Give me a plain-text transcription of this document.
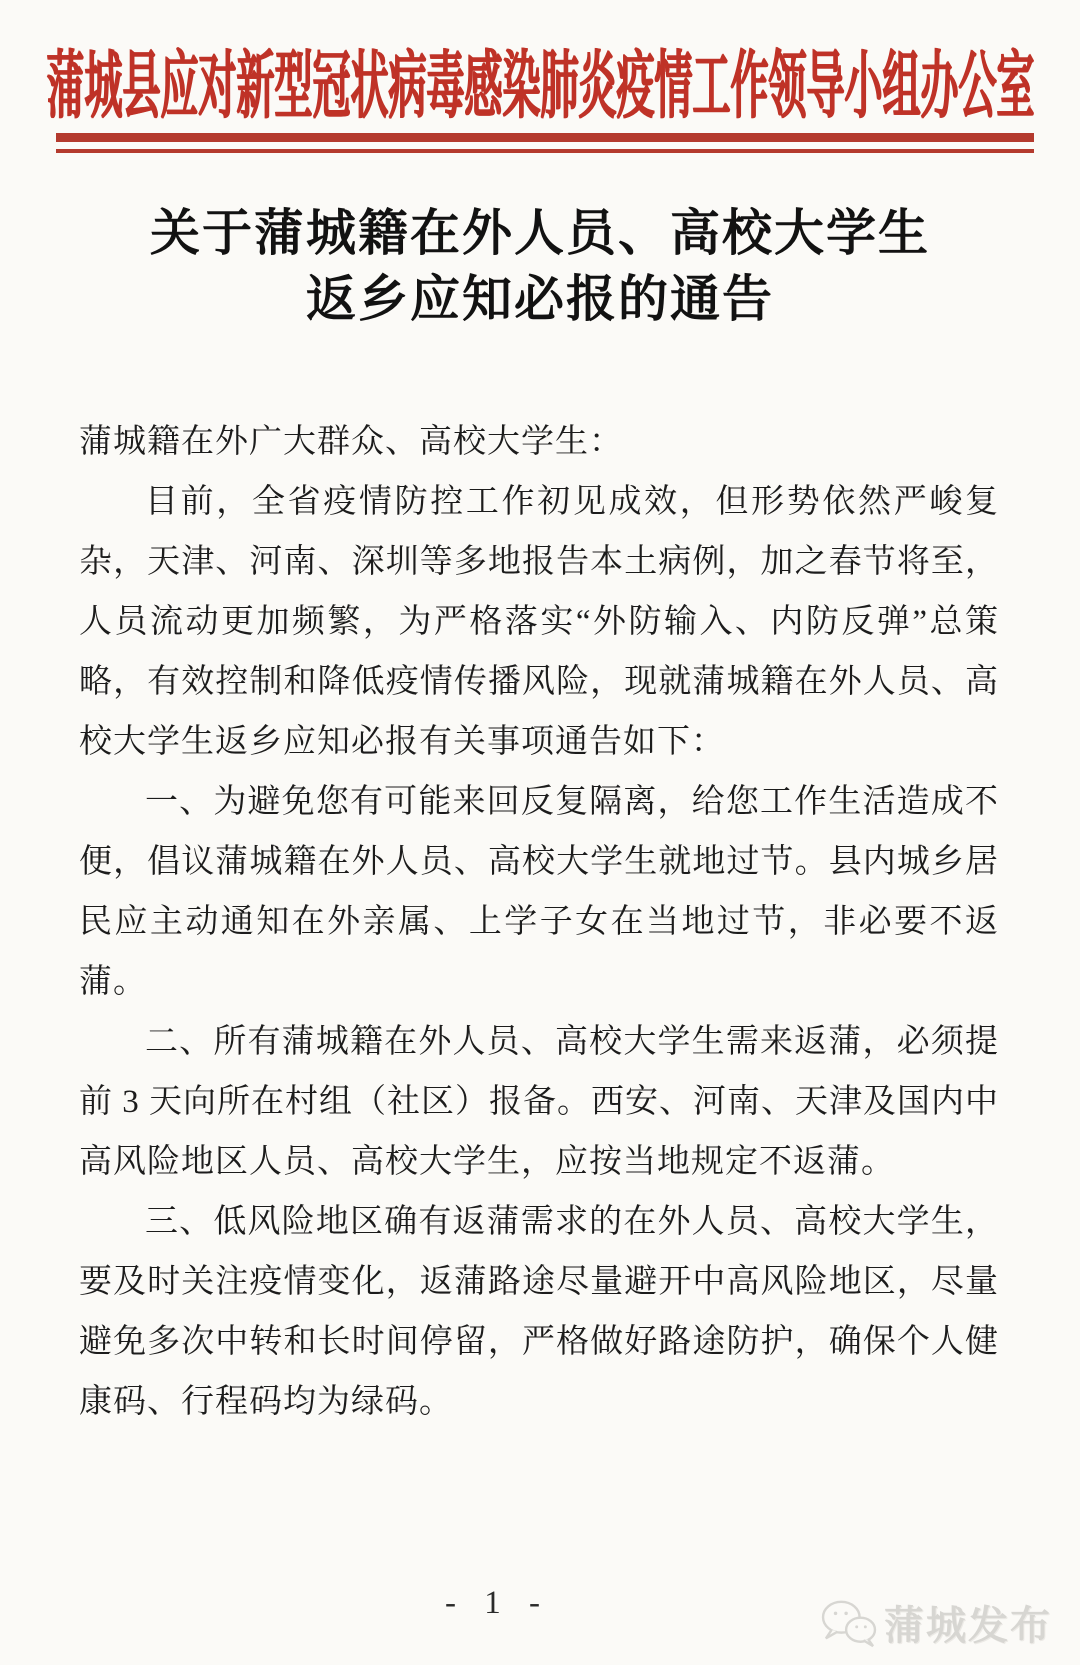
蒲城县应对新型冠状病毒感染肺炎疫情工作领导小组办公室
关于蒲城籍在外人员、高校大学生
返乡应知必报的通告

蒲城籍在外广大群众、高校大学生：

目前，全省疫情防控工作初见成效，但形势依然严峻复杂，天津、河南、深圳等多地报告本土病例，加之春节将至，人员流动更加频繁，为严格落实“外防输入、内防反弹”总策略，有效控制和降低疫情传播风险，现就蒲城籍在外人员、高校大学生返乡应知必报有关事项通告如下：

一、为避免您有可能来回反复隔离，给您工作生活造成不便，倡议蒲城籍在外人员、高校大学生就地过节。县内城乡居民应主动通知在外亲属、上学子女在当地过节，非必要不返蒲。

二、所有蒲城籍在外人员、高校大学生需来返蒲，必须提前 3 天向所在村组（社区）报备。西安、河南、天津及国内中高风险地区人员、高校大学生，应按当地规定不返蒲。

三、低风险地区确有返蒲需求的在外人员、高校大学生，要及时关注疫情变化，返蒲路途尽量避开中高风险地区，尽量避免多次中转和长时间停留，严格做好路途防护，确保个人健康码、行程码均为绿码。

- 1 -	蒲城发布
